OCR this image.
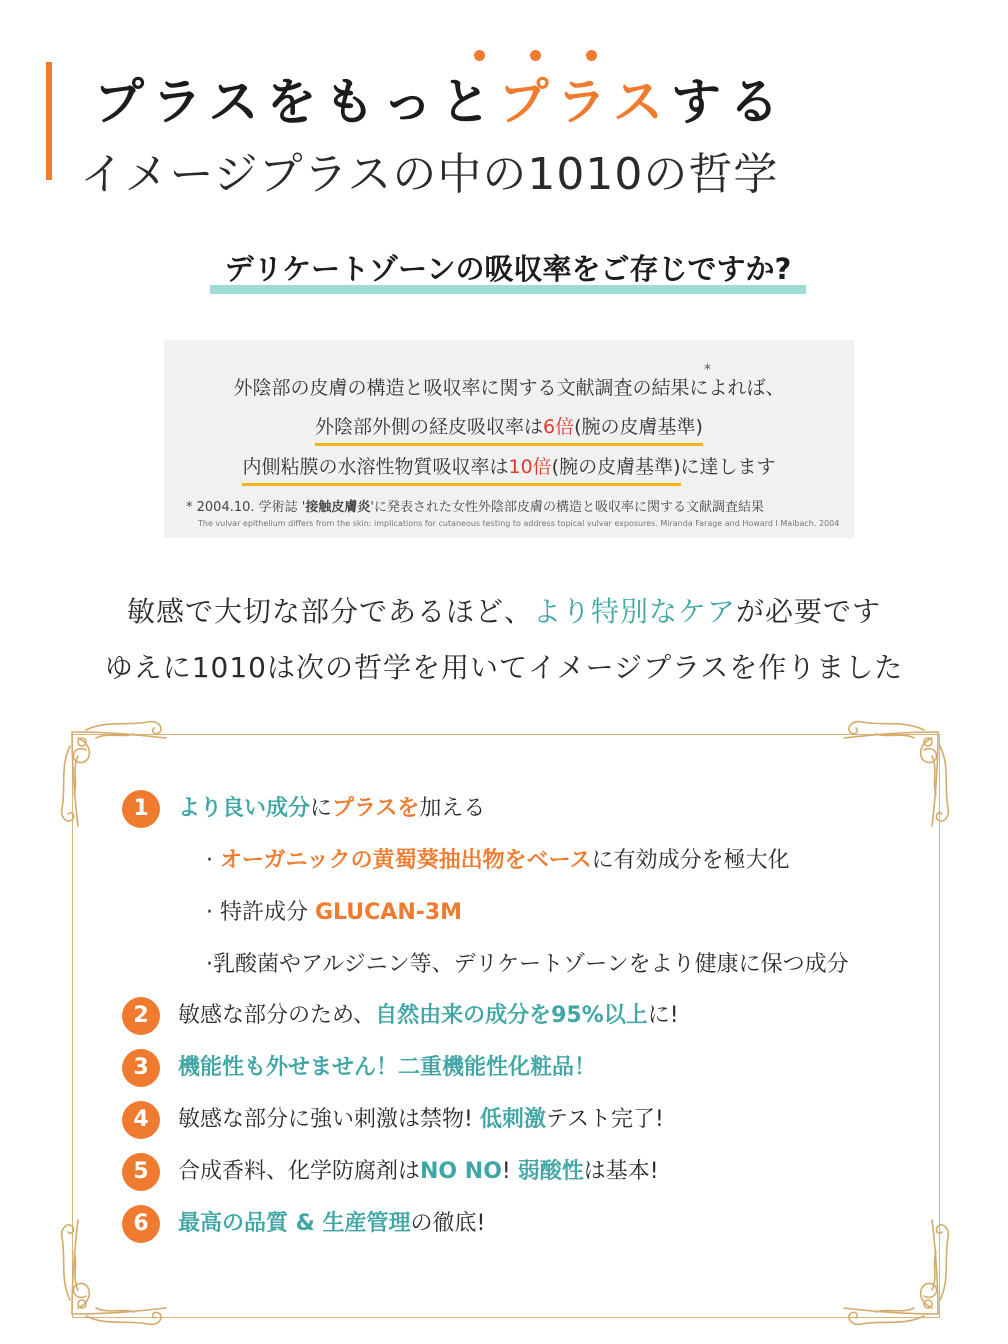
プラスをもっとプラスする
イメージプラスの中の1010の哲学
デリケートゾーンの吸収率をご存じですか?
*
外陰部の皮膚の構造と吸収率に関する文献調査の結果によれば、
外陰部外側の経皮吸収率は6倍(腕の皮膚基準)
内側粘膜の水溶性物質吸収率は10倍(腕の皮膚基準)に達します
* 2004.10. 学術誌 '接触皮膚炎'に発表された女性外陰部皮膚の構造と吸収率に関する文献調査結果
The vulvar epithelium differs from the skin: implications for cutaneous testing to address topical vulvar exposures. Miranda Farage and Howard I Maibach. 2004
敏感で大切な部分であるほど、より特別なケアが必要です
ゆえに1010は次の哲学を用いてイメージプラスを作りました
1	より良い成分にプラスを加える
· オーガニックの黄蜀葵抽出物をベースに有効成分を極大化
· 特許成分 GLUCAN-3M
·乳酸菌やアルジニン等、デリケートゾーンをより健康に保つ成分
2	敏感な部分のため、自然由来の成分を95%以上に!
3	機能性も外せません！二重機能性化粧品！
4	敏感な部分に強い刺激は禁物! 低刺激テスト完了!
5	合成香料、化学防腐剤はNO NO! 弱酸性は基本!
6	最高の品質 & 生産管理の徹底!
